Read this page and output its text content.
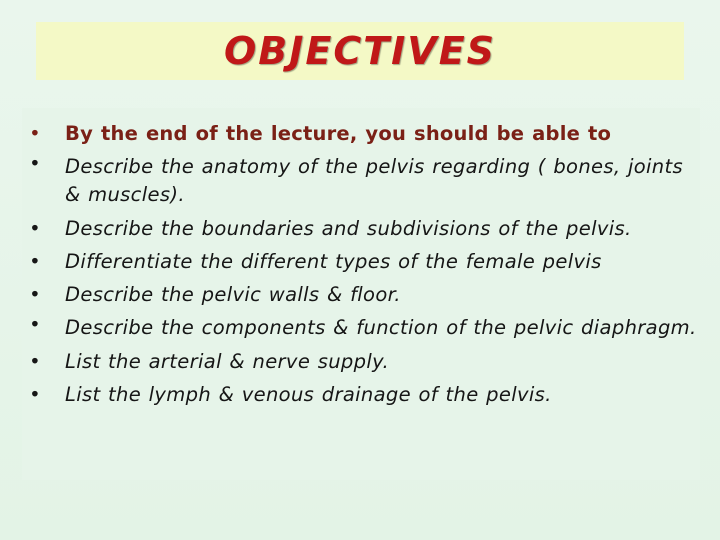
OBJECTIVES
• By the end of the lecture, you should be able to
• Describe the anatomy of the pelvis regarding ( bones, joints & muscles).
• Describe the boundaries and subdivisions of the pelvis.
• Differentiate the different types of the female pelvis
• Describe the pelvic walls & floor.
• Describe the components & function of the pelvic diaphragm.
• List the arterial & nerve supply.
• List the lymph & venous drainage of the pelvis.
